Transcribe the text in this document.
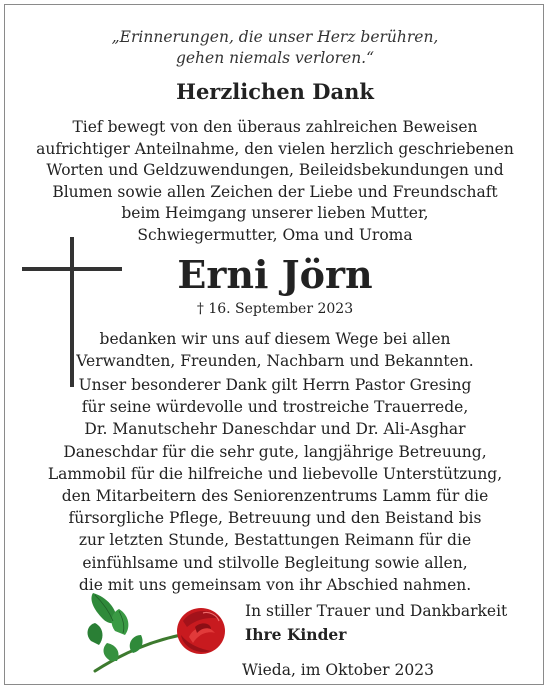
„Erinnerungen, die unser Herz berühren,
gehen niemals verloren.“
Herzlichen Dank
Tief bewegt von den überaus zahlreichen Beweisen
aufrichtiger Anteilnahme, den vielen herzlich geschriebenen
Worten und Geldzuwendungen, Beileidsbekundungen und
Blumen sowie allen Zeichen der Liebe und Freundschaft
beim Heimgang unserer lieben Mutter,
Schwiegermutter, Oma und Uroma
Erni Jörn
† 16. September 2023
bedanken wir uns auf diesem Wege bei allen
Verwandten, Freunden, Nachbarn und Bekannten.
Unser besonderer Dank gilt Herrn Pastor Gresing
für seine würdevolle und trostreiche Trauerrede,
Dr. Manutschehr Daneschdar und Dr. Ali-Asghar
Daneschdar für die sehr gute, langjährige Betreuung,
Lammobil für die hilfreiche und liebevolle Unterstützung,
den Mitarbeitern des Seniorenzentrums Lamm für die
fürsorgliche Pflege, Betreuung und den Beistand bis
zur letzten Stunde, Bestattungen Reimann für die
einfühlsame und stilvolle Begleitung sowie allen,
die mit uns gemeinsam von ihr Abschied nahmen.
In stiller Trauer und Dankbarkeit
Ihre Kinder
Wieda, im Oktober 2023
